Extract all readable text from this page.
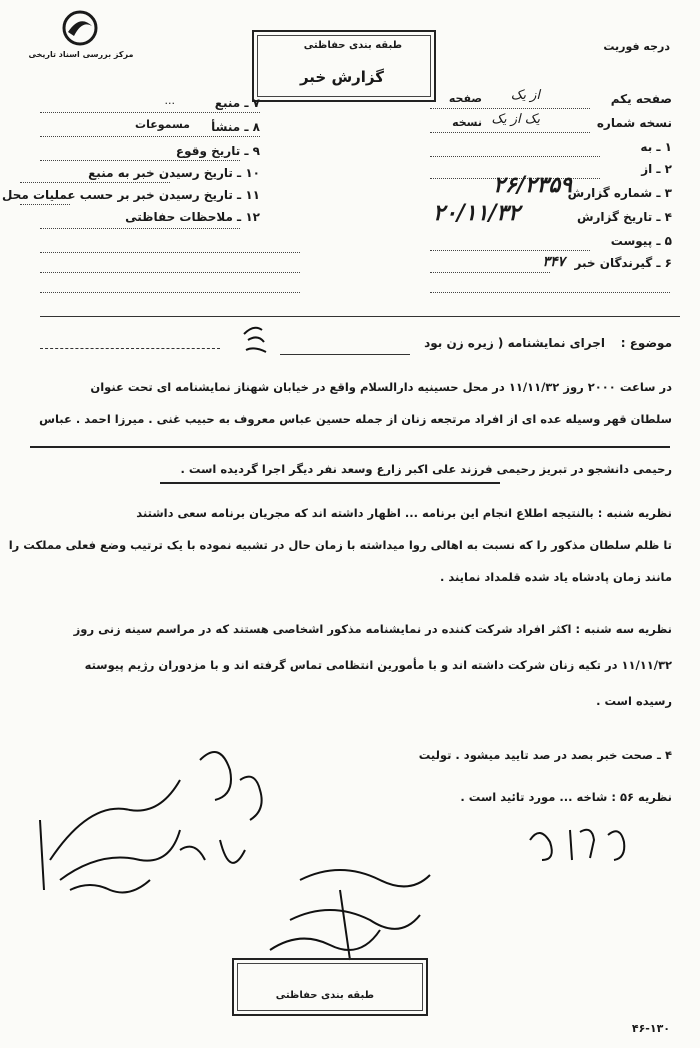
مرکز بررسی اسناد تاریخی
طبقه بندی حفاظتی
گزارش خبر
درجه فوریت
صفحه یکم
از یک
صفحه
نسخه شماره
یک از یک
نسخه
۱ ـ به
۲ ـ از
۳ ـ شماره گزارش
۲۶/۲۳۵۹
۴ ـ تاریخ گزارش
۲۰/۱۱/۳۲
۵ ـ پیوست
۶ ـ گیرندگان خبر
۳۴۷
۷ ـ منبع
...
۸ ـ منشأ
مسموعات
۹ ـ تاریخ وقوع
۱۰ ـ تاریخ رسیدن خبر به منبع
۱۱ ـ تاریخ رسیدن خبر بر حسب عملیات محل
۱۲ ـ ملاحظات حفاظتی
موضوع :
اجرای نمایشنامه ( زیره زن بود
در ساعت ۲۰۰۰ روز ۱۱/۱۱/۳۲ در محل حسینیه دارالسلام واقع در خیابان شهناز نمایشنامه ای تحت عنوان
سلطان قهر وسیله عده ای از افراد مرتجعه زنان از جمله حسین عباس معروف به حبیب غنی . میرزا احمد . عباس
رحیمی دانشجو در تبریز رحیمی فرزند علی اکبر زارع وسعد نفر دیگر اجرا گردیده است .
نظریه شنبه : بالنتیجه اطلاع انجام این برنامه ... اظهار داشته اند که مجریان برنامه سعی داشتند
تا ظلم سلطان مذکور را که نسبت به اهالی روا میداشته با زمان حال در تشبیه نموده با یک ترتیب وضع فعلی مملکت را
مانند زمان پادشاه یاد شده قلمداد نمایند .
نظریه سه شنبه : اکثر افراد شرکت کننده در نمایشنامه مذکور اشخاصی هستند که در مراسم سینه زنی روز
۱۱/۱۱/۳۲ در تکیه زنان شرکت داشته اند و با مأمورین انتظامی تماس گرفته اند و با مزدوران رژیم پیوسته
رسیده است .
۴ ـ صحت خبر بصد در صد تایید میشود . تولیت
نظریه ۵۶ : شاخه ... مورد تائید است .
طبقه بندی حفاظتی
۴۶-۱۳۰
